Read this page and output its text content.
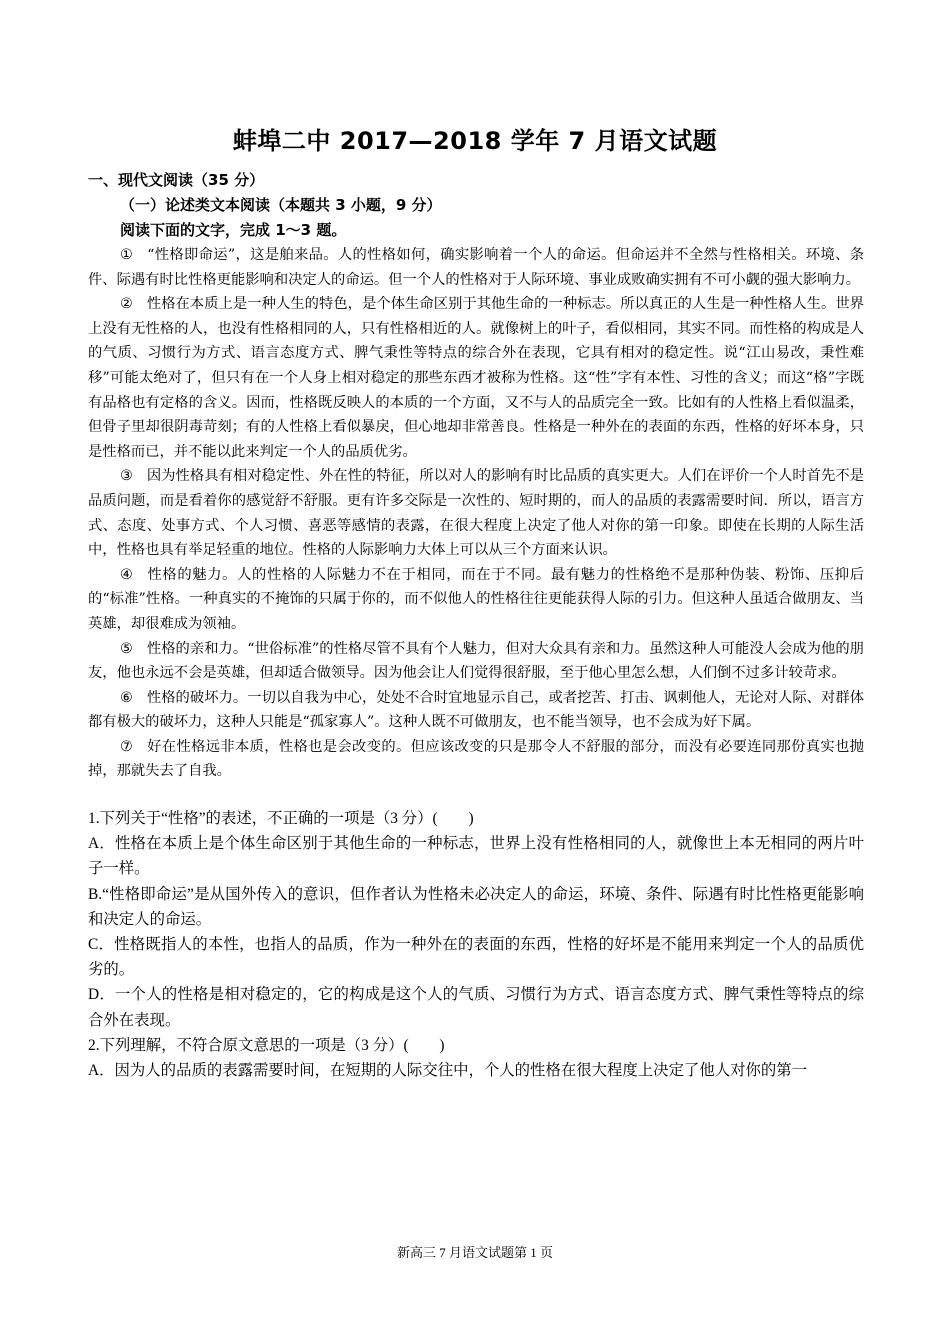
蚌埠二中 2017—2018 学年 7 月语文试题
一、现代文阅读（35 分）
（一）论述类文本阅读（本题共 3 小题，9 分）
阅读下面的文字，完成 1～3 题。

① “性格即命运”，这是舶来品。人的性格如何，确实影响着一个人的命运。但命运并不全然与性格相关。环境、条件、际遇有时比性格更能影响和决定人的命运。但一个人的性格对于人际环境、事业成败确实拥有不可小觑的强大影响力。

② 性格在本质上是一种人生的特色，是个体生命区别于其他生命的一种标志。所以真正的人生是一种性格人生。世界上没有无性格的人，也没有性格相同的人，只有性格相近的人。就像树上的叶子，看似相同，其实不同。而性格的构成是人的气质、习惯行为方式、语言态度方式、脾气秉性等特点的综合外在表现，它具有相对的稳定性。说“江山易改，秉性难移”可能太绝对了，但只有在一个人身上相对稳定的那些东西才被称为性格。这“性”字有本性、习性的含义；而这“格”字既有品格也有定格的含义。因而，性格既反映人的本质的一个方面，又不与人的品质完全一致。比如有的人性格上看似温柔，但骨子里却很阴毒苛刻；有的人性格上看似暴戾，但心地却非常善良。性格是一种外在的表面的东西，性格的好坏本身，只是性格而已，并不能以此来判定一个人的品质优劣。

③ 因为性格具有相对稳定性、外在性的特征，所以对人的影响有时比品质的真实更大。人们在评价一个人时首先不是品质问题，而是看着你的感觉舒不舒服。更有许多交际是一次性的、短时期的，而人的品质的表露需要时间．所以，语言方式、态度、处事方式、个人习惯、喜恶等感情的表露，在很大程度上决定了他人对你的第一印象。即使在长期的人际生活中，性格也具有举足轻重的地位。性格的人际影响力大体上可以从三个方面来认识。

④ 性格的魅力。人的性格的人际魅力不在于相同，而在于不同。最有魅力的性格绝不是那种伪装、粉饰、压抑后的“标准”性格。一种真实的不掩饰的只属于你的，而不似他人的性格往往更能获得人际的引力。但这种人虽适合做朋友、当英雄，却很难成为领袖。

⑤ 性格的亲和力。“世俗标准”的性格尽管不具有个人魅力，但对大众具有亲和力。虽然这种人可能没人会成为他的朋友，他也永远不会是英雄，但却适合做领导。因为他会让人们觉得很舒服，至于他心里怎么想，人们倒不过多计较苛求。

⑥ 性格的破坏力。一切以自我为中心，处处不合时宜地显示自己，或者挖苦、打击、讽刺他人，无论对人际、对群体都有极大的破坏力，这种人只能是“孤家寡人”。这种人既不可做朋友，也不能当领导，也不会成为好下属。

⑦ 好在性格远非本质，性格也是会改变的。但应该改变的只是那令人不舒服的部分，而没有必要连同那份真实也抛掉，那就失去了自我。

1.下列关于“性格”的表述，不正确的一项是（3 分）(　　)

A．性格在本质上是个体生命区别于其他生命的一种标志，世界上没有性格相同的人，就像世上本无相同的两片叶子一样。

B.“性格即命运”是从国外传入的意识，但作者认为性格未必决定人的命运，环境、条件、际遇有时比性格更能影响和决定人的命运。

C．性格既指人的本性，也指人的品质，作为一种外在的表面的东西，性格的好坏是不能用来判定一个人的品质优劣的。

D．一个人的性格是相对稳定的，它的构成是这个人的气质、习惯行为方式、语言态度方式、脾气秉性等特点的综合外在表现。

2.下列理解，不符合原文意思的一项是（3 分）(　　)

A．因为人的品质的表露需要时间，在短期的人际交往中，个人的性格在很大程度上决定了他人对你的第一

新高三 7 月语文试题第 1 页
